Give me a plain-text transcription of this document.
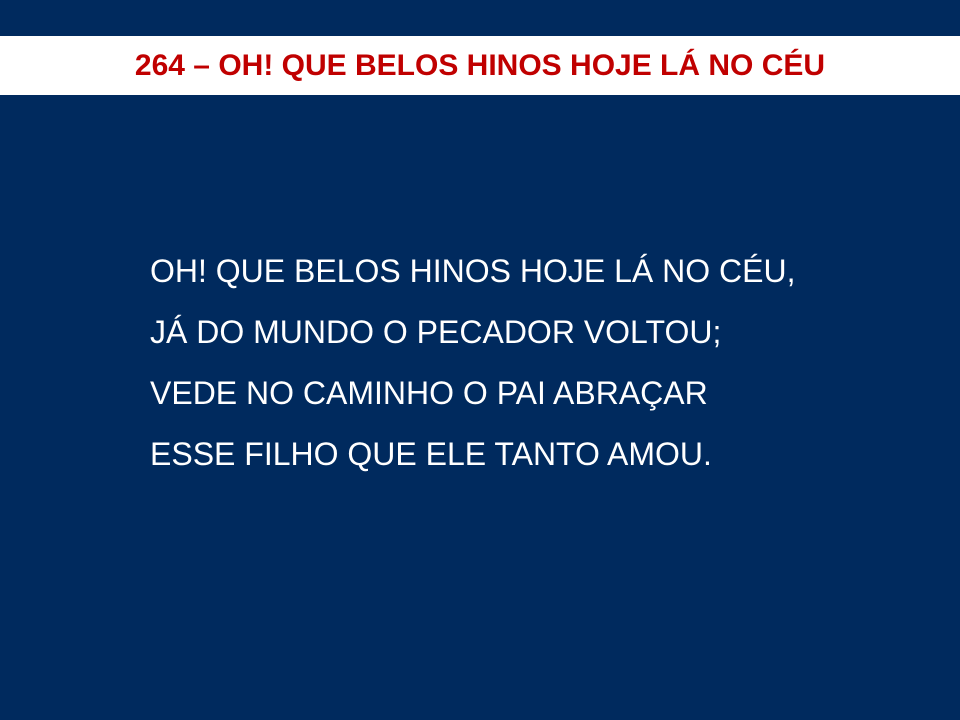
264 – OH! QUE BELOS HINOS HOJE LÁ NO CÉU
OH! QUE BELOS HINOS HOJE LÁ NO CÉU,
JÁ DO MUNDO O PECADOR VOLTOU;
VEDE NO CAMINHO O PAI ABRAÇAR
ESSE FILHO QUE ELE TANTO AMOU.
